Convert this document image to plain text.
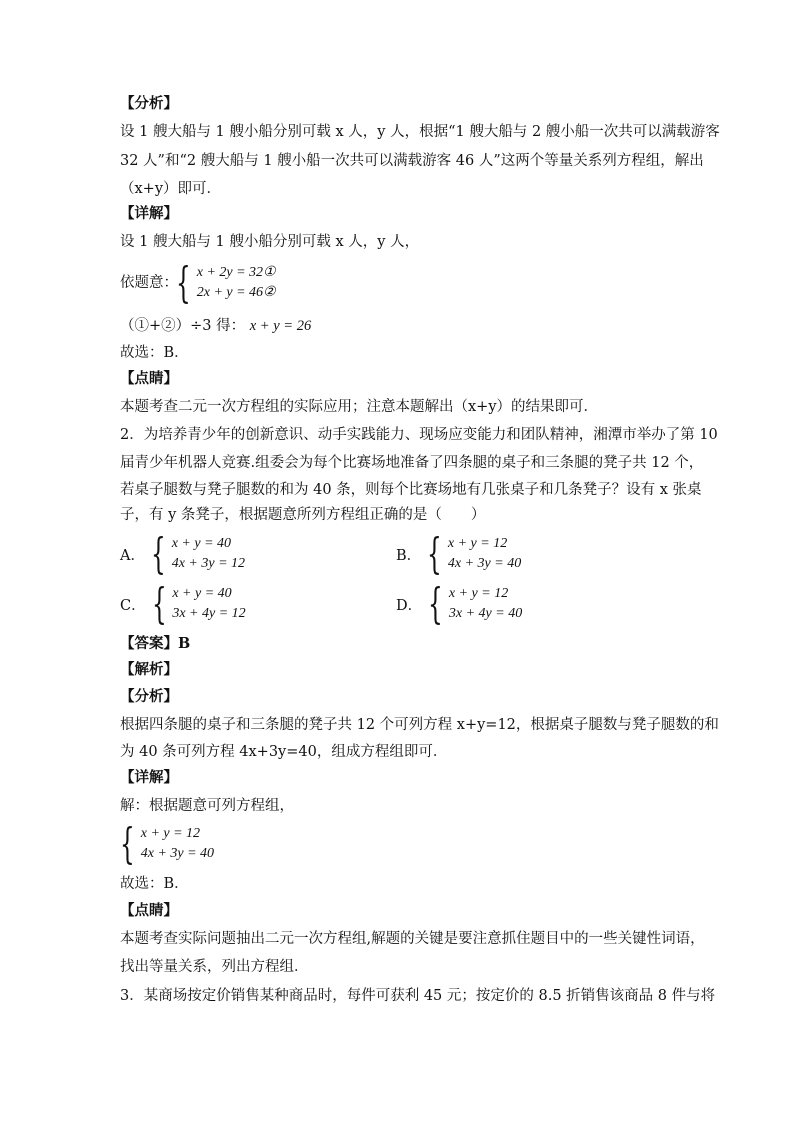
【分析】
设 1 艘大船与 1 艘小船分别可载 x 人，y 人，根据“1 艘大船与 2 艘小船一次共可以满载游客
32 人”和“2 艘大船与 1 艘小船一次共可以满载游客 46 人”这两个等量关系列方程组，解出
（x+y）即可．
【详解】
设 1 艘大船与 1 艘小船分别可载 x 人，y 人，
依题意：
{ x + 2y = 32①
2x + y = 46②
（①+②）÷3 得： x + y = 26
故选：B．
【点睛】
本题考查二元一次方程组的实际应用；注意本题解出（x+y）的结果即可．
2．为培养青少年的创新意识、动手实践能力、现场应变能力和团队精神，湘潭市举办了第 10
届青少年机器人竞赛.组委会为每个比赛场地准备了四条腿的桌子和三条腿的凳子共 12 个，
若桌子腿数与凳子腿数的和为 40 条，则每个比赛场地有几张桌子和几条凳子？设有 x 张桌
子，有 y 条凳子，根据题意所列方程组正确的是（　　）
A． { x + y = 40
4x + 3y = 12	B． { x + y = 12
4x + 3y = 40
C． { x + y = 40
3x + 4y = 12	D． { x + y = 12
3x + 4y = 40
【答案】B
【解析】
【分析】
根据四条腿的桌子和三条腿的凳子共 12 个可列方程 x+y=12，根据桌子腿数与凳子腿数的和
为 40 条可列方程 4x+3y=40，组成方程组即可．
【详解】
解：根据题意可列方程组，
{ x + y = 12
4x + 3y = 40
故选：B．
【点睛】
本题考查实际问题抽出二元一次方程组,解题的关键是要注意抓住题目中的一些关键性词语，
找出等量关系，列出方程组．
3．某商场按定价销售某种商品时，每件可获利 45 元；按定价的 8.5 折销售该商品 8 件与将
